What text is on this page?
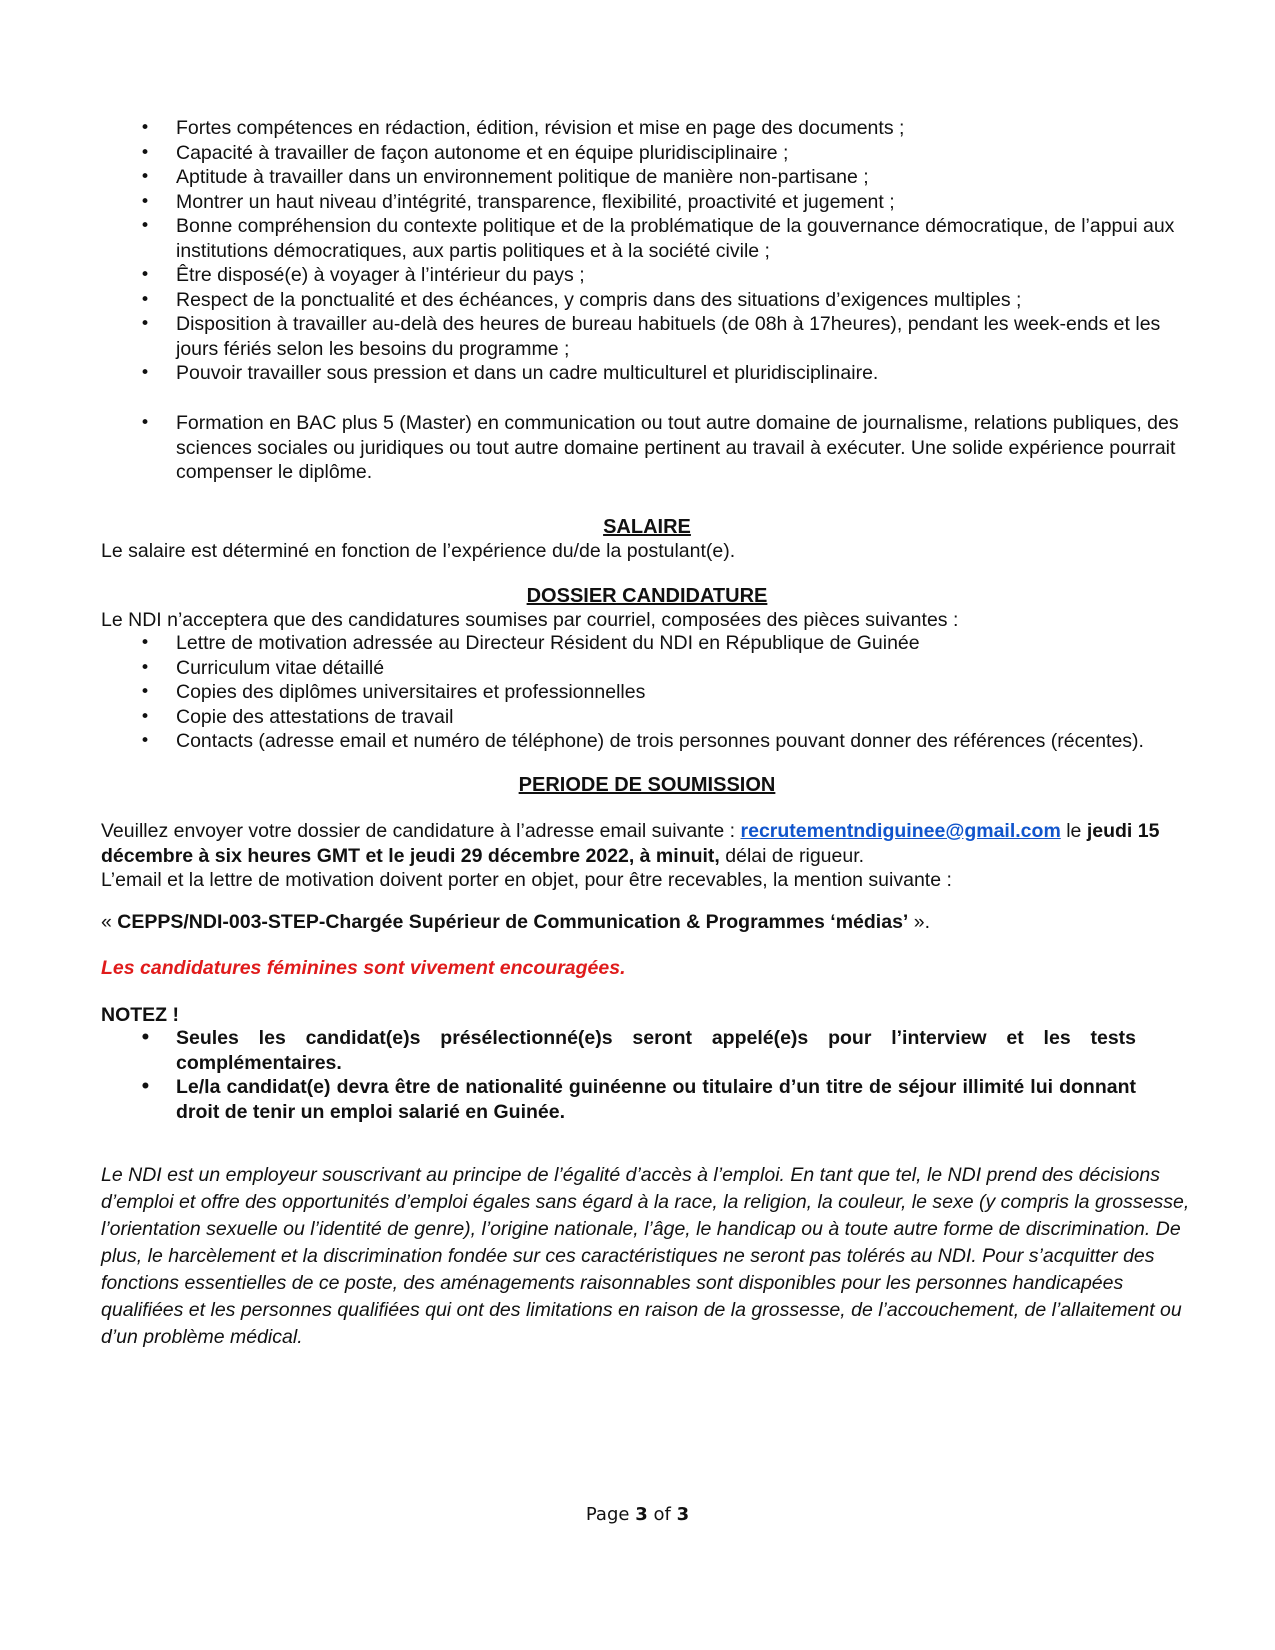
• Fortes compétences en rédaction, édition, révision et mise en page des documents ;
• Capacité à travailler de façon autonome et en équipe pluridisciplinaire ;
• Aptitude à travailler dans un environnement politique de manière non-partisane ;
• Montrer un haut niveau d’intégrité, transparence, flexibilité, proactivité et jugement ;
• Bonne compréhension du contexte politique et de la problématique de la gouvernance démocratique, de l’appui aux institutions démocratiques, aux partis politiques et à la société civile ;
• Être disposé(e) à voyager à l’intérieur du pays ;
• Respect de la ponctualité et des échéances, y compris dans des situations d’exigences multiples ;
• Disposition à travailler au-delà des heures de bureau habituels (de 08h à 17heures), pendant les week-ends et les jours fériés selon les besoins du programme ;
• Pouvoir travailler sous pression et dans un cadre multiculturel et pluridisciplinaire.
• Formation en BAC plus 5 (Master) en communication ou tout autre domaine de journalisme, relations publiques, des sciences sociales ou juridiques ou tout autre domaine pertinent au travail à exécuter. Une solide expérience pourrait compenser le diplôme.
SALAIRE

Le salaire est déterminé en fonction de l’expérience du/de la postulant(e).

DOSSIER CANDIDATURE

Le NDI n’acceptera que des candidatures soumises par courriel, composées des pièces suivantes :

• Lettre de motivation adressée au Directeur Résident du NDI en République de Guinée
• Curriculum vitae détaillé
• Copies des diplômes universitaires et professionnelles
• Copie des attestations de travail
• Contacts (adresse email et numéro de téléphone) de trois personnes pouvant donner des références (récentes).
PERIODE DE SOUMISSION

Veuillez envoyer votre dossier de candidature à l’adresse email suivante : recrutementndiguinee@gmail.com le jeudi 15 décembre à six heures GMT et le jeudi 29 décembre 2022, à minuit, délai de rigueur.
L’email et la lettre de motivation doivent porter en objet, pour être recevables, la mention suivante :

« CEPPS/NDI-003-STEP-Chargée Supérieur de Communication & Programmes ‘médias’ ».

Les candidatures féminines sont vivement encouragées.

NOTEZ !

• Seules les candidat(e)s présélectionné(e)s seront appelé(e)s pour l’interview et les tests complémentaires.
• Le/la candidat(e) devra être de nationalité guinéenne ou titulaire d’un titre de séjour illimité lui donnant droit de tenir un emploi salarié en Guinée.

Le NDI est un employeur souscrivant au principe de l’égalité d’accès à l’emploi. En tant que tel, le NDI prend des décisions d’emploi et offre des opportunités d’emploi égales sans égard à la race, la religion, la couleur, le sexe (y compris la grossesse, l’orientation sexuelle ou l’identité de genre), l’origine nationale, l’âge, le handicap ou à toute autre forme de discrimination. De plus, le harcèlement et la discrimination fondée sur ces caractéristiques ne seront pas tolérés au NDI. Pour s’acquitter des fonctions essentielles de ce poste, des aménagements raisonnables sont disponibles pour les personnes handicapées qualifiées et les personnes qualifiées qui ont des limitations en raison de la grossesse, de l’accouchement, de l’allaitement ou d’un problème médical.

Page 3 of 3
